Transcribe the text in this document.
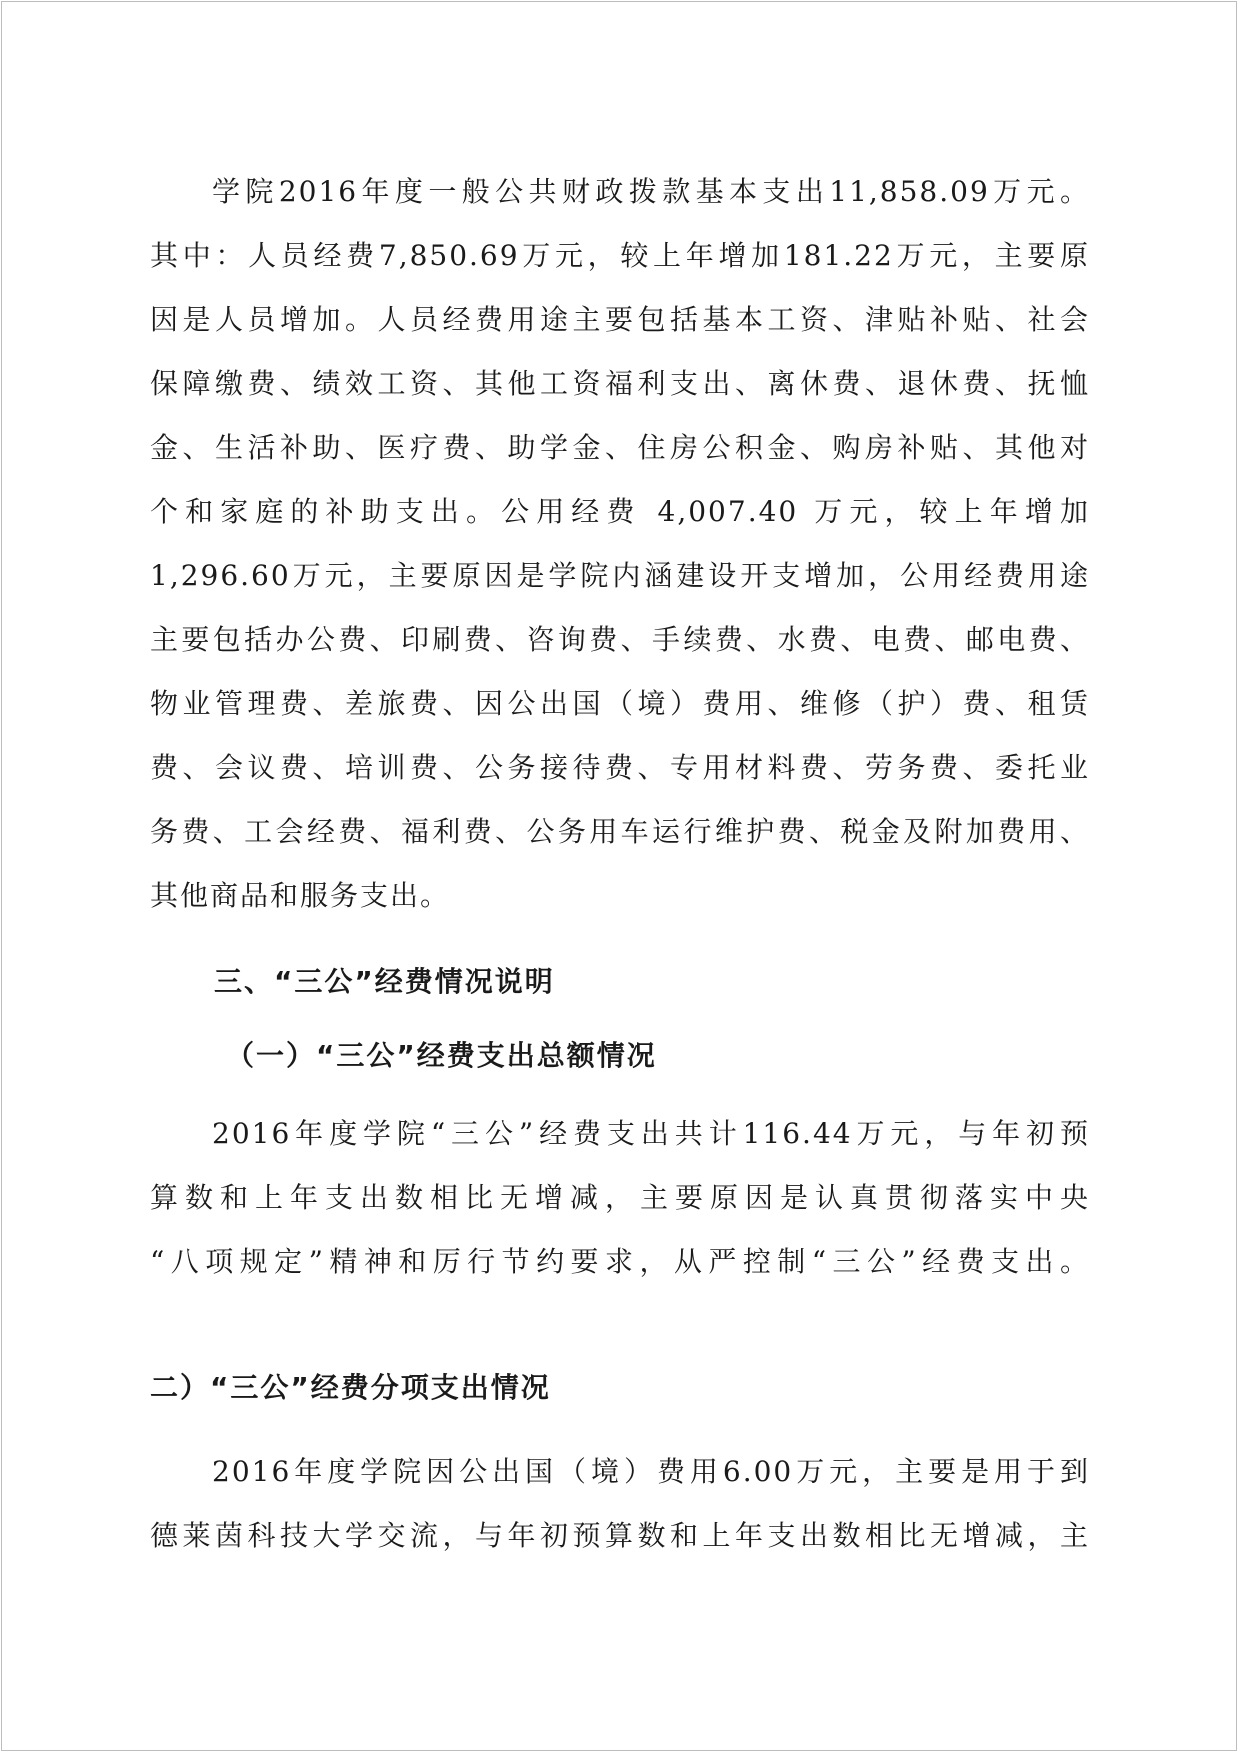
学院2016年度一般公共财政拨款基本支出11,858.09万元。
其中：人员经费7,850.69万元，较上年增加181.22万元，主要原
因是人员增加。人员经费用途主要包括基本工资、津贴补贴、社会
保障缴费、绩效工资、其他工资福利支出、离休费、退休费、抚恤
金、生活补助、医疗费、助学金、住房公积金、购房补贴、其他对
个和家庭的补助支出。公用经费 4,007.40 万元，较上年增加
1,296.60万元，主要原因是学院内涵建设开支增加，公用经费用途
主要包括办公费、印刷费、咨询费、手续费、水费、电费、邮电费、
物业管理费、差旅费、因公出国（境）费用、维修（护）费、租赁
费、会议费、培训费、公务接待费、专用材料费、劳务费、委托业
务费、工会经费、福利费、公务用车运行维护费、税金及附加费用、
其他商品和服务支出。
三、“三公”经费情况说明
（一）“三公”经费支出总额情况
2016年度学院“三公”经费支出共计116.44万元，与年初预
算数和上年支出数相比无增减，主要原因是认真贯彻落实中央
“八项规定”精神和厉行节约要求，从严控制“三公”经费支出。
二）“三公”经费分项支出情况
2016年度学院因公出国（境）费用6.00万元，主要是用于到
德莱茵科技大学交流，与年初预算数和上年支出数相比无增减，主
